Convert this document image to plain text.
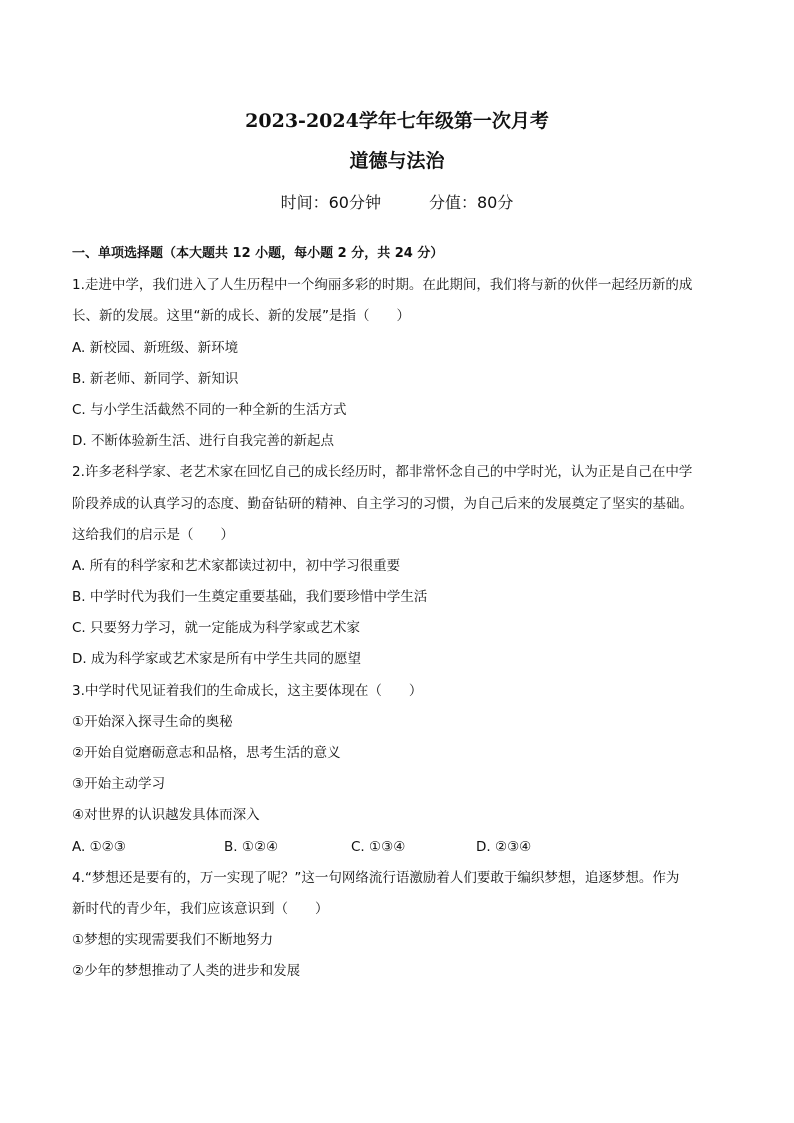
2023-2024学年七年级第一次月考
道德与法治
时间：60分钟	分值：80分
一、单项选择题（本大题共 12 小题，每小题 2 分，共 24 分）
1.走进中学，我们进入了人生历程中一个绚丽多彩的时期。在此期间，我们将与新的伙伴一起经历新的成
长、新的发展。这里“新的成长、新的发展”是指（　　）
A. 新校园、新班级、新环境
B. 新老师、新同学、新知识
C. 与小学生活截然不同的一种全新的生活方式
D. 不断体验新生活、进行自我完善的新起点
2.许多老科学家、老艺术家在回忆自己的成长经历时，都非常怀念自己的中学时光，认为正是自己在中学
阶段养成的认真学习的态度、勤奋钻研的精神、自主学习的习惯，为自己后来的发展奠定了坚实的基础。
这给我们的启示是（　　）
A. 所有的科学家和艺术家都读过初中，初中学习很重要
B. 中学时代为我们一生奠定重要基础，我们要珍惜中学生活
C. 只要努力学习，就一定能成为科学家或艺术家
D. 成为科学家或艺术家是所有中学生共同的愿望
3.中学时代见证着我们的生命成长，这主要体现在（　　）
①开始深入探寻生命的奥秘
②开始自觉磨砺意志和品格，思考生活的意义
③开始主动学习
④对世界的认识越发具体而深入
A. ①②③	B. ①②④	C. ①③④	D. ②③④
4.“梦想还是要有的，万一实现了呢？”这一句网络流行语激励着人们要敢于编织梦想，追逐梦想。作为
新时代的青少年，我们应该意识到（　　）
①梦想的实现需要我们不断地努力
②少年的梦想推动了人类的进步和发展
